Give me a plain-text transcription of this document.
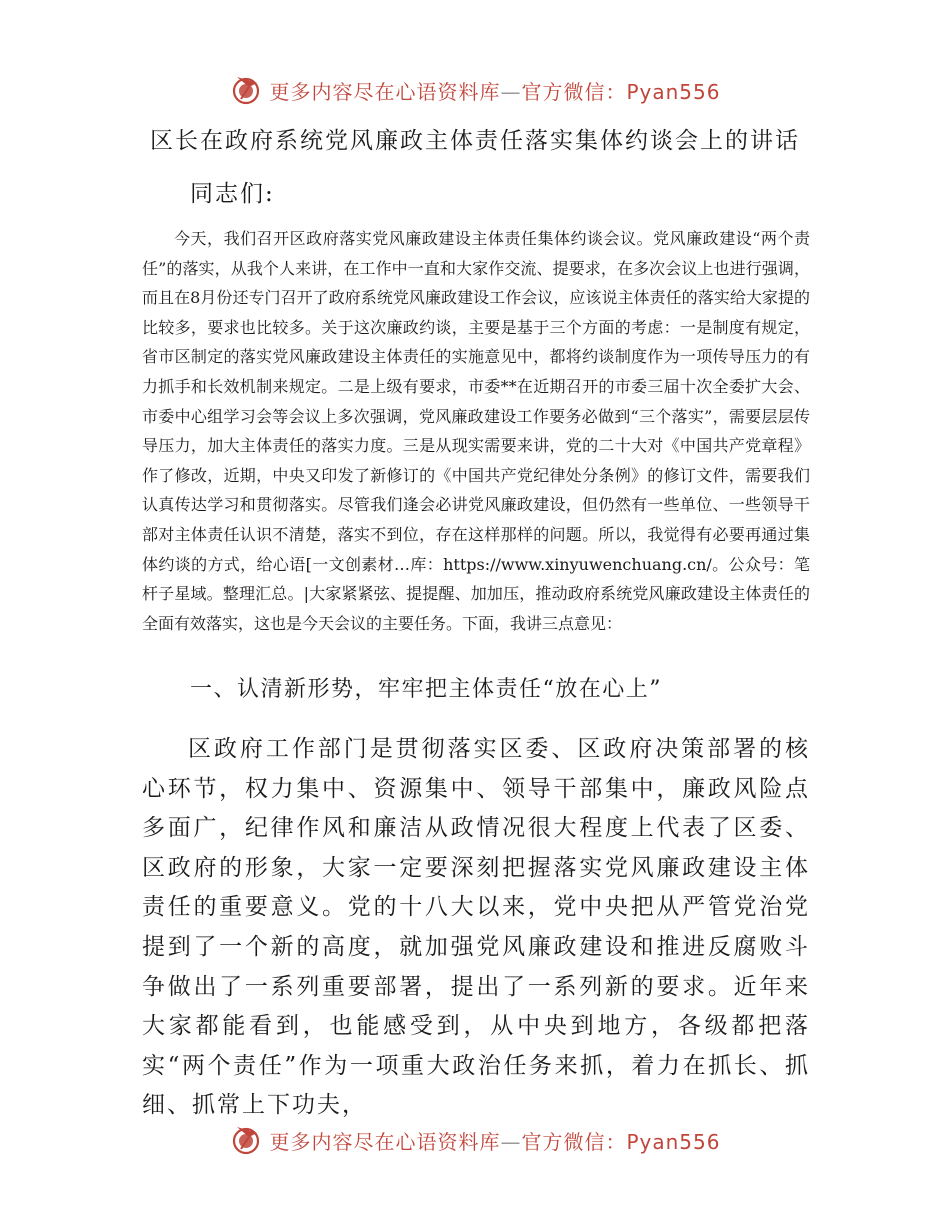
更多内容尽在心语资料库—官方微信：Pyan556
区长在政府系统党风廉政主体责任落实集体约谈会上的讲话

同志们:

今天，我们召开区政府落实党风廉政建设主体责任集体约谈会议。党风廉政建设“两个责任”的落实，从我个人来讲，在工作中一直和大家作交流、提要求，在多次会议上也进行强调，而且在8月份还专门召开了政府系统党风廉政建设工作会议，应该说主体责任的落实给大家提的比较多，要求也比较多。关于这次廉政约谈，主要是基于三个方面的考虑：一是制度有规定，省市区制定的落实党风廉政建设主体责任的实施意见中，都将约谈制度作为一项传导压力的有力抓手和长效机制来规定。二是上级有要求，市委**在近期召开的市委三届十次全委扩大会、市委中心组学习会等会议上多次强调，党风廉政建设工作要务必做到“三个落实”，需要层层传导压力，加大主体责任的落实力度。三是从现实需要来讲，党的二十大对《中国共产党章程》作了修改，近期，中央又印发了新修订的《中国共产党纪律处分条例》的修订文件，需要我们认真传达学习和贯彻落实。尽管我们逢会必讲党风廉政建设，但仍然有一些单位、一些领导干部对主体责任认识不清楚，落实不到位，存在这样那样的问题。所以，我觉得有必要再通过集体约谈的方式，给心语[一文创素材…库：https://www.xinyuwenchuang.cn/。公众号：笔杆子星域。整理汇总。|大家紧紧弦、提提醒、加加压，推动政府系统党风廉政建设主体责任的全面有效落实，这也是今天会议的主要任务。下面，我讲三点意见：

一、认清新形势，牢牢把主体责任“放在心上”

区政府工作部门是贯彻落实区委、区政府决策部署的核心环节，权力集中、资源集中、领导干部集中，廉政风险点多面广，纪律作风和廉洁从政情况很大程度上代表了区委、区政府的形象，大家一定要深刻把握落实党风廉政建设主体责任的重要意义。党的十八大以来，党中央把从严管党治党提到了一个新的高度，就加强党风廉政建设和推进反腐败斗争做出了一系列重要部署，提出了一系列新的要求。近年来大家都能看到，也能感受到，从中央到地方，各级都把落实“两个责任”作为一项重大政治任务来抓，着力在抓长、抓细、抓常上下功夫，

更多内容尽在心语资料库—官方微信：Pyan556
